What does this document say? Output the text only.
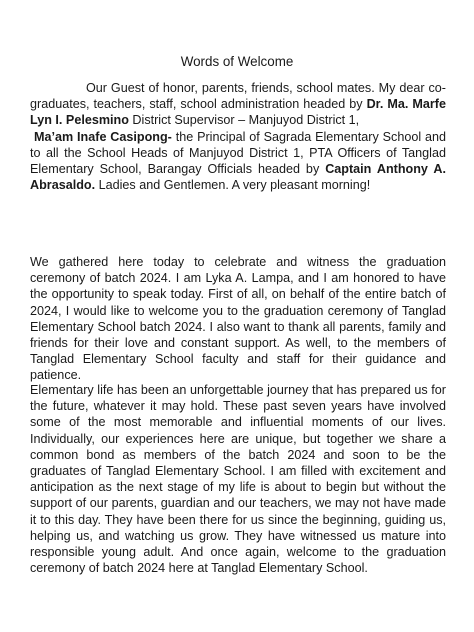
Words of Welcome

Our Guest of honor, parents, friends, school mates. My dear co-graduates, teachers, staff, school administration headed by Dr. Ma. Marfe Lyn I. Pelesmino District Supervisor – Manjuyod District 1,
Ma’am Inafe Casipong- the Principal of Sagrada Elementary School and to all the School Heads of Manjuyod District 1, PTA Officers of Tanglad Elementary School, Barangay Officials headed by Captain Anthony A. Abrasaldo. Ladies and Gentlemen. A very pleasant morning!

We gathered here today to celebrate and witness the graduation ceremony of batch 2024. I am Lyka A. Lampa, and I am honored to have the opportunity to speak today. First of all, on behalf of the entire batch of 2024, I would like to welcome you to the graduation ceremony of Tanglad Elementary School batch 2024. I also want to thank all parents, family and friends for their love and constant support. As well, to the members of Tanglad Elementary School faculty and staff for their guidance and patience.

Elementary life has been an unforgettable journey that has prepared us for the future, whatever it may hold. These past seven years have involved some of the most memorable and influential moments of our lives. Individually, our experiences here are unique, but together we share a common bond as members of the batch 2024 and soon to be the graduates of Tanglad Elementary School. I am filled with excitement and anticipation as the next stage of my life is about to begin but without the support of our parents, guardian and our teachers, we may not have made it to this day. They have been there for us since the beginning, guiding us, helping us, and watching us grow. They have witnessed us mature into responsible young adult. And once again, welcome to the graduation ceremony of batch 2024 here at Tanglad Elementary School.
